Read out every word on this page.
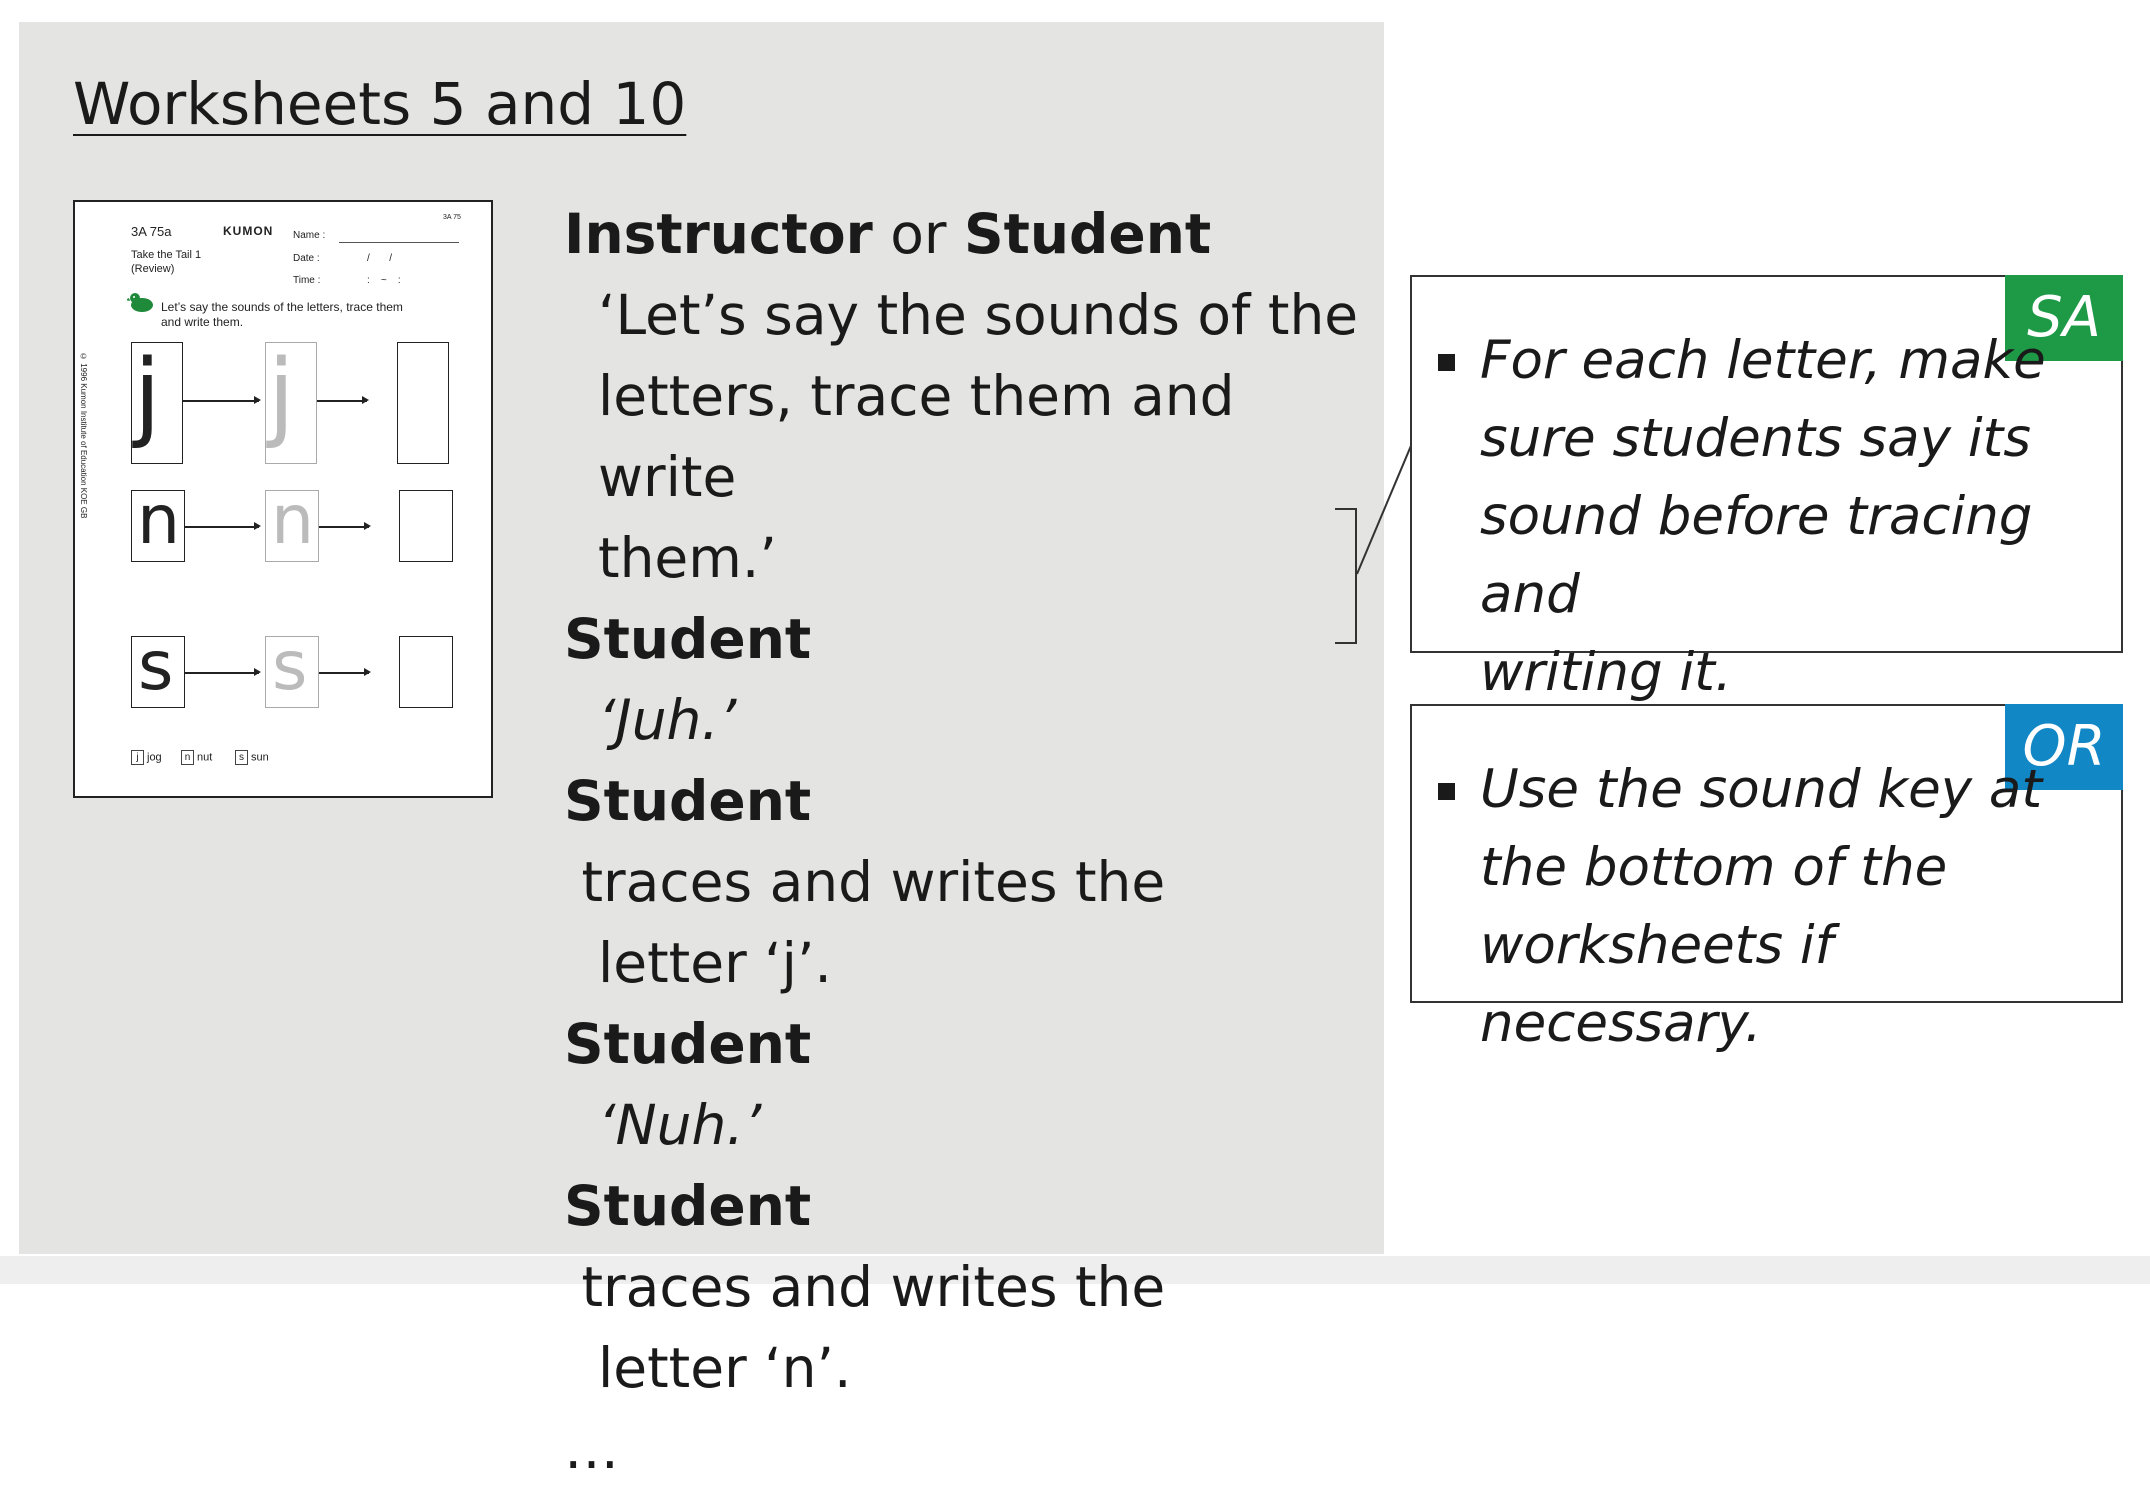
Worksheets 5 and 10
3A 75a	KUMON
3A 75
Name :
Take the Tail 1
(Review)
Date :	/       /
Time :	:    ~    :
Let’s say the sounds of the letters, trace them
and write them.
© 1996 Kumon Institute of Education KOE GB j j
n n
s s
j jog	n nut	s sun
Instructor or Student
‘Let’s say the sounds of the
letters, trace them and write
them.’
Student
‘Juh.’
Student traces and writes the
letter ‘j’.
Student
‘Nuh.’
Student traces and writes the
letter ‘n’.
…
SA
For each letter, make
sure students say its
sound before tracing and
writing it.
OR
Use the sound key at
the bottom of the
worksheets if necessary.
